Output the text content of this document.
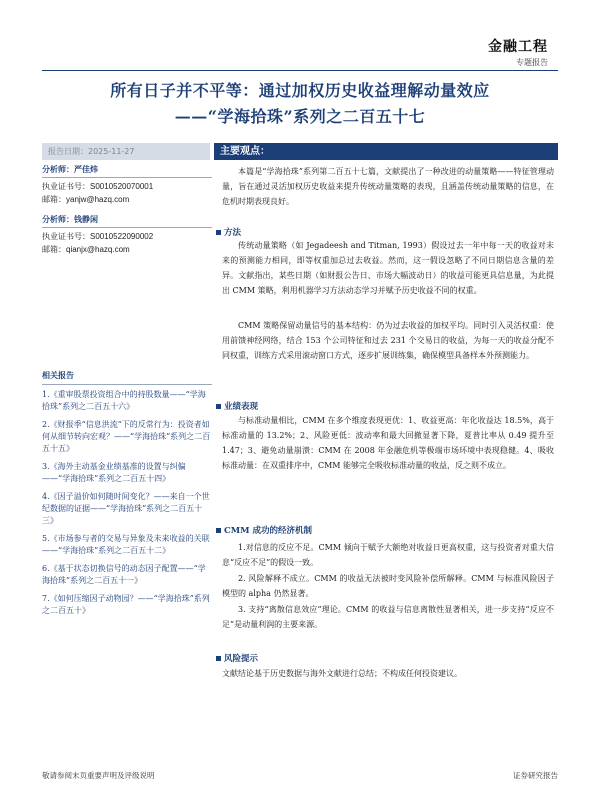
金融工程
专题报告
所有日子并不平等：通过加权历史收益理解动量效应
——“学海拾珠”系列之二百五十七
报告日期：2025-11-27
分析师：严佳炜
执业证书号：S0010520070001
邮箱：yanjw@hazq.com
分析师：钱静闲
执业证书号：S0010522090002
邮箱：qianjx@hazq.com
相关报告
1.《重审股票投资组合中的持股数量——“学海拾珠”系列之二百五十六》
2.《财报季“信息洪流”下的反常行为：投资者如何从细节转向宏观？——“学海拾珠”系列之二百五十五》
3.《海外主动基金业绩基准的设置与纠偏——“学海拾珠”系列之二百五十四》
4.《因子溢价如何随时间变化？——来自一个世纪数据的证据——“学海拾珠”系列之二百五十三》
5.《市场参与者的交易与异象及未来收益的关联——“学海拾珠”系列之二百五十二》
6.《基于状态切换信号的动态因子配置——“学海拾珠”系列之二百五十一》
7.《如何压缩因子动物园？——“学海拾珠”系列之二百五十》
主要观点：
本篇是“学海拾珠”系列第二百五十七篇，文献提出了一种改进的动量策略——特征管理动量，旨在通过灵活加权历史收益来提升传统动量策略的表现，且涵盖传统动量策略的信息，在危机时期表现良好。
方法
传统动量策略（如 Jegadeesh and Titman, 1993）假设过去一年中每一天的收益对未来的预测能力相同，即等权重加总过去收益。然而，这一假设忽略了不同日期信息含量的差异。文献指出，某些日期（如财报公告日、市场大幅波动日）的收益可能更具信息量，为此提出 CMM 策略，利用机器学习方法动态学习并赋予历史收益不同的权重。
CMM 策略保留动量信号的基本结构：仍为过去收益的加权平均。同时引入灵活权重：使用前馈神经网络，结合 153 个公司特征和过去 231 个交易日的收益，为每一天的收益分配不同权重，训练方式采用滚动窗口方式，逐步扩展训练集，确保模型具备样本外预测能力。
业绩表现
与标准动量相比，CMM 在多个维度表现更优：1、收益更高：年化收益达 18.5%，高于标准动量的 13.2%；2、风险更低：波动率和最大回撤显著下降，夏普比率从 0.49 提升至 1.47；3、避免动量崩溃：CMM 在 2008 年金融危机等极端市场环境中表现稳健。4、吸收标准动量：在双重排序中，CMM 能够完全吸收标准动量的收益，反之则不成立。
CMM 成功的经济机制
1.对信息的反应不足。CMM 倾向于赋予大额绝对收益日更高权重，这与投资者对重大信息“反应不足”的假设一致。
2. 风险解释不成立。CMM 的收益无法被时变风险补偿所解释。CMM 与标准风险因子模型的 alpha 仍然显著。
3. 支持“离散信息效应”理论。CMM 的收益与信息离散性显著相关，进一步支持“反应不足”是动量利润的主要来源。
风险提示
文献结论基于历史数据与海外文献进行总结；不构成任何投资建议。
敬请参阅末页重要声明及评级说明	证券研究报告
